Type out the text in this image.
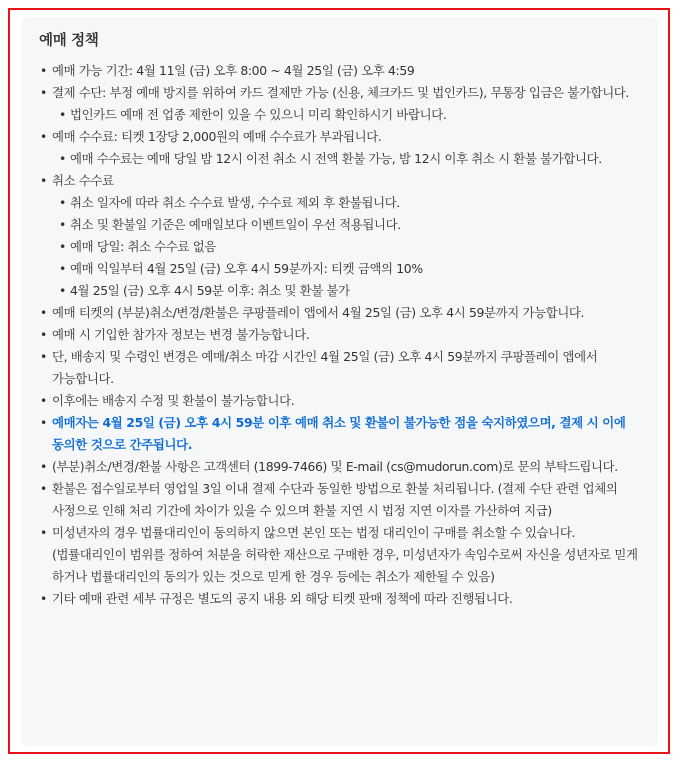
예매 정책
• 예매 가능 기간: 4월 11일 (금) 오후 8:00 ~ 4월 25일 (금) 오후 4:59
• 결제 수단: 부정 예매 방지를 위하여 카드 결제만 가능 (신용, 체크카드 및 법인카드), 무통장 입금은 불가합니다.
• 법인카드 예매 전 업종 제한이 있을 수 있으니 미리 확인하시기 바랍니다.
• 예매 수수료: 티켓 1장당 2,000원의 예매 수수료가 부과됩니다.
• 예매 수수료는 예매 당일 밤 12시 이전 취소 시 전액 환불 가능, 밤 12시 이후 취소 시 환불 불가합니다.
• 취소 수수료
• 취소 일자에 따라 취소 수수료 발생, 수수료 제외 후 환불됩니다.
• 취소 및 환불일 기준은 예매일보다 이벤트일이 우선 적용됩니다.
• 예매 당일: 취소 수수료 없음
• 예매 익일부터 4월 25일 (금) 오후 4시 59분까지: 티켓 금액의 10%
• 4월 25일 (금) 오후 4시 59분 이후: 취소 및 환불 불가
• 예매 티켓의 (부분)취소/변경/환불은 쿠팡플레이 앱에서 4월 25일 (금) 오후 4시 59분까지 가능합니다.
• 예매 시 기입한 참가자 정보는 변경 불가능합니다.
• 단, 배송지 및 수령인 변경은 예매/취소 마감 시간인 4월 25일 (금) 오후 4시 59분까지 쿠팡플레이 앱에서 가능합니다.
• 이후에는 배송지 수정 및 환불이 불가능합니다.
• 예매자는 4월 25일 (금) 오후 4시 59분 이후 예매 취소 및 환불이 불가능한 점을 숙지하였으며, 결제 시 이에 동의한 것으로 간주됩니다.
• (부분)취소/변경/환불 사항은 고객센터 (1899-7466) 및 E-mail (cs@mudorun.com)로 문의 부탁드립니다.
• 환불은 접수일로부터 영업일 3일 이내 결제 수단과 동일한 방법으로 환불 처리됩니다. (결제 수단 관련 업체의 사정으로 인해 처리 기간에 차이가 있을 수 있으며 환불 지연 시 법정 지연 이자를 가산하여 지급)
• 미성년자의 경우 법률대리인이 동의하지 않으면 본인 또는 법정 대리인이 구매를 취소할 수 있습니다. (법률대리인이 범위를 정하여 처분을 허락한 재산으로 구매한 경우, 미성년자가 속임수로써 자신을 성년자로 믿게 하거나 법률대리인의 동의가 있는 것으로 믿게 한 경우 등에는 취소가 제한될 수 있음)
• 기타 예매 관련 세부 규정은 별도의 공지 내용 외 해당 티켓 판매 정책에 따라 진행됩니다.
